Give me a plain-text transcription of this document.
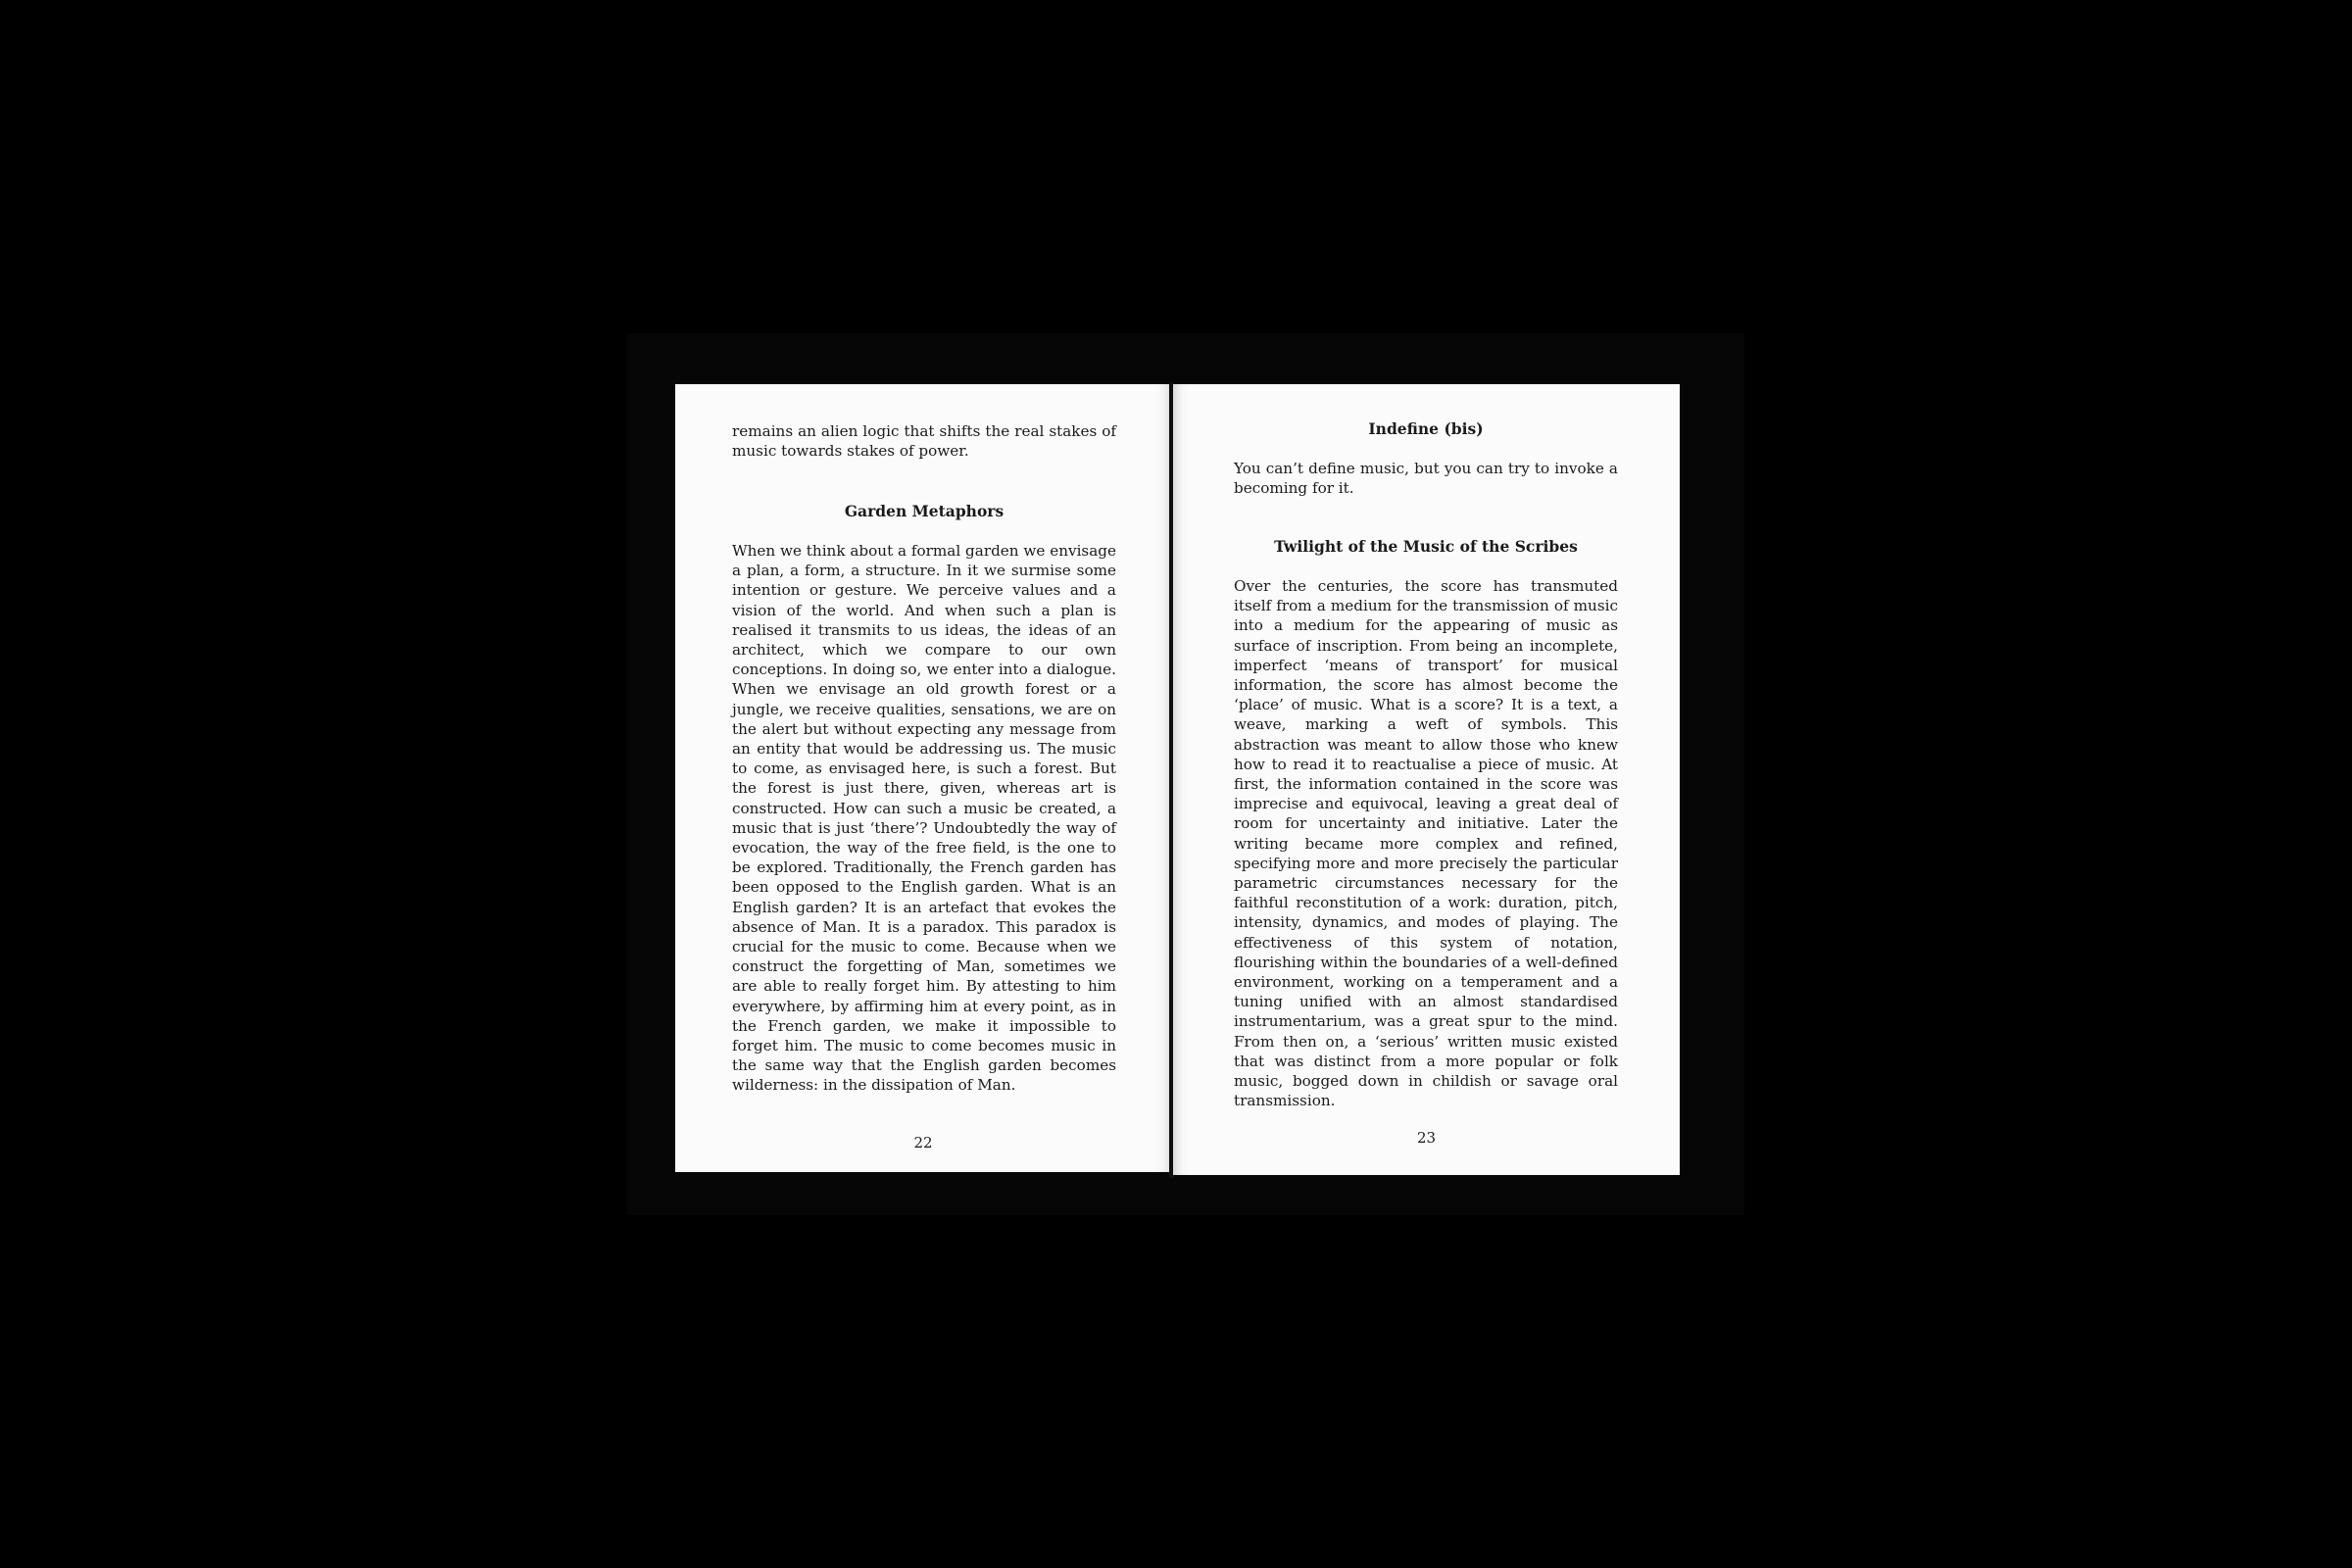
remains an alien logic that shifts the real stakes of music towards stakes of power.

Garden Metaphors

When we think about a formal garden we envisage a plan, a form, a structure. In it we surmise some intention or gesture. We perceive values and a vision of the world. And when such a plan is realised it transmits to us ideas, the ideas of an architect, which we compare to our own conceptions. In doing so, we enter into a dialogue. When we envisage an old growth forest or a jungle, we receive qualities, sensations, we are on the alert but without expecting any message from an entity that would be addressing us. The music to come, as envisaged here, is such a forest. But the forest is just there, given, whereas art is constructed. How can such a music be created, a music that is just ‘there’? Undoubtedly the way of evocation, the way of the free field, is the one to be explored. Traditionally, the French garden has been opposed to the English garden. What is an English garden? It is an artefact that evokes the absence of Man. It is a paradox. This paradox is crucial for the music to come. Because when we construct the forgetting of Man, sometimes we are able to really forget him. By attesting to him everywhere, by affirming him at every point, as in the French garden, we make it impossible to forget him. The music to come becomes music in the same way that the English garden becomes wilderness: in the dissipation of Man.

22
Indefine (bis)

You can’t define music, but you can try to invoke a becoming for it.

Twilight of the Music of the Scribes

Over the centuries, the score has transmuted itself from a medium for the transmission of music into a medium for the appearing of music as surface of inscription. From being an incomplete, imperfect ‘means of transport’ for musical information, the score has almost become the ‘place’ of music. What is a score? It is a text, a weave, marking a weft of symbols. This abstraction was meant to allow those who knew how to read it to reactualise a piece of music. At first, the information contained in the score was imprecise and equivocal, leaving a great deal of room for uncertainty and initiative. Later the writing became more complex and refined, specifying more and more precisely the particular parametric circumstances necessary for the faithful reconstitution of a work: duration, pitch, intensity, dynamics, and modes of playing. The effectiveness of this system of notation, flourishing within the boundaries of a well-defined environment, working on a temperament and a tuning unified with an almost standardised instrumentarium, was a great spur to the mind. From then on, a ‘serious’ written music existed that was distinct from a more popular or folk music, bogged down in childish or savage oral transmission.

23
